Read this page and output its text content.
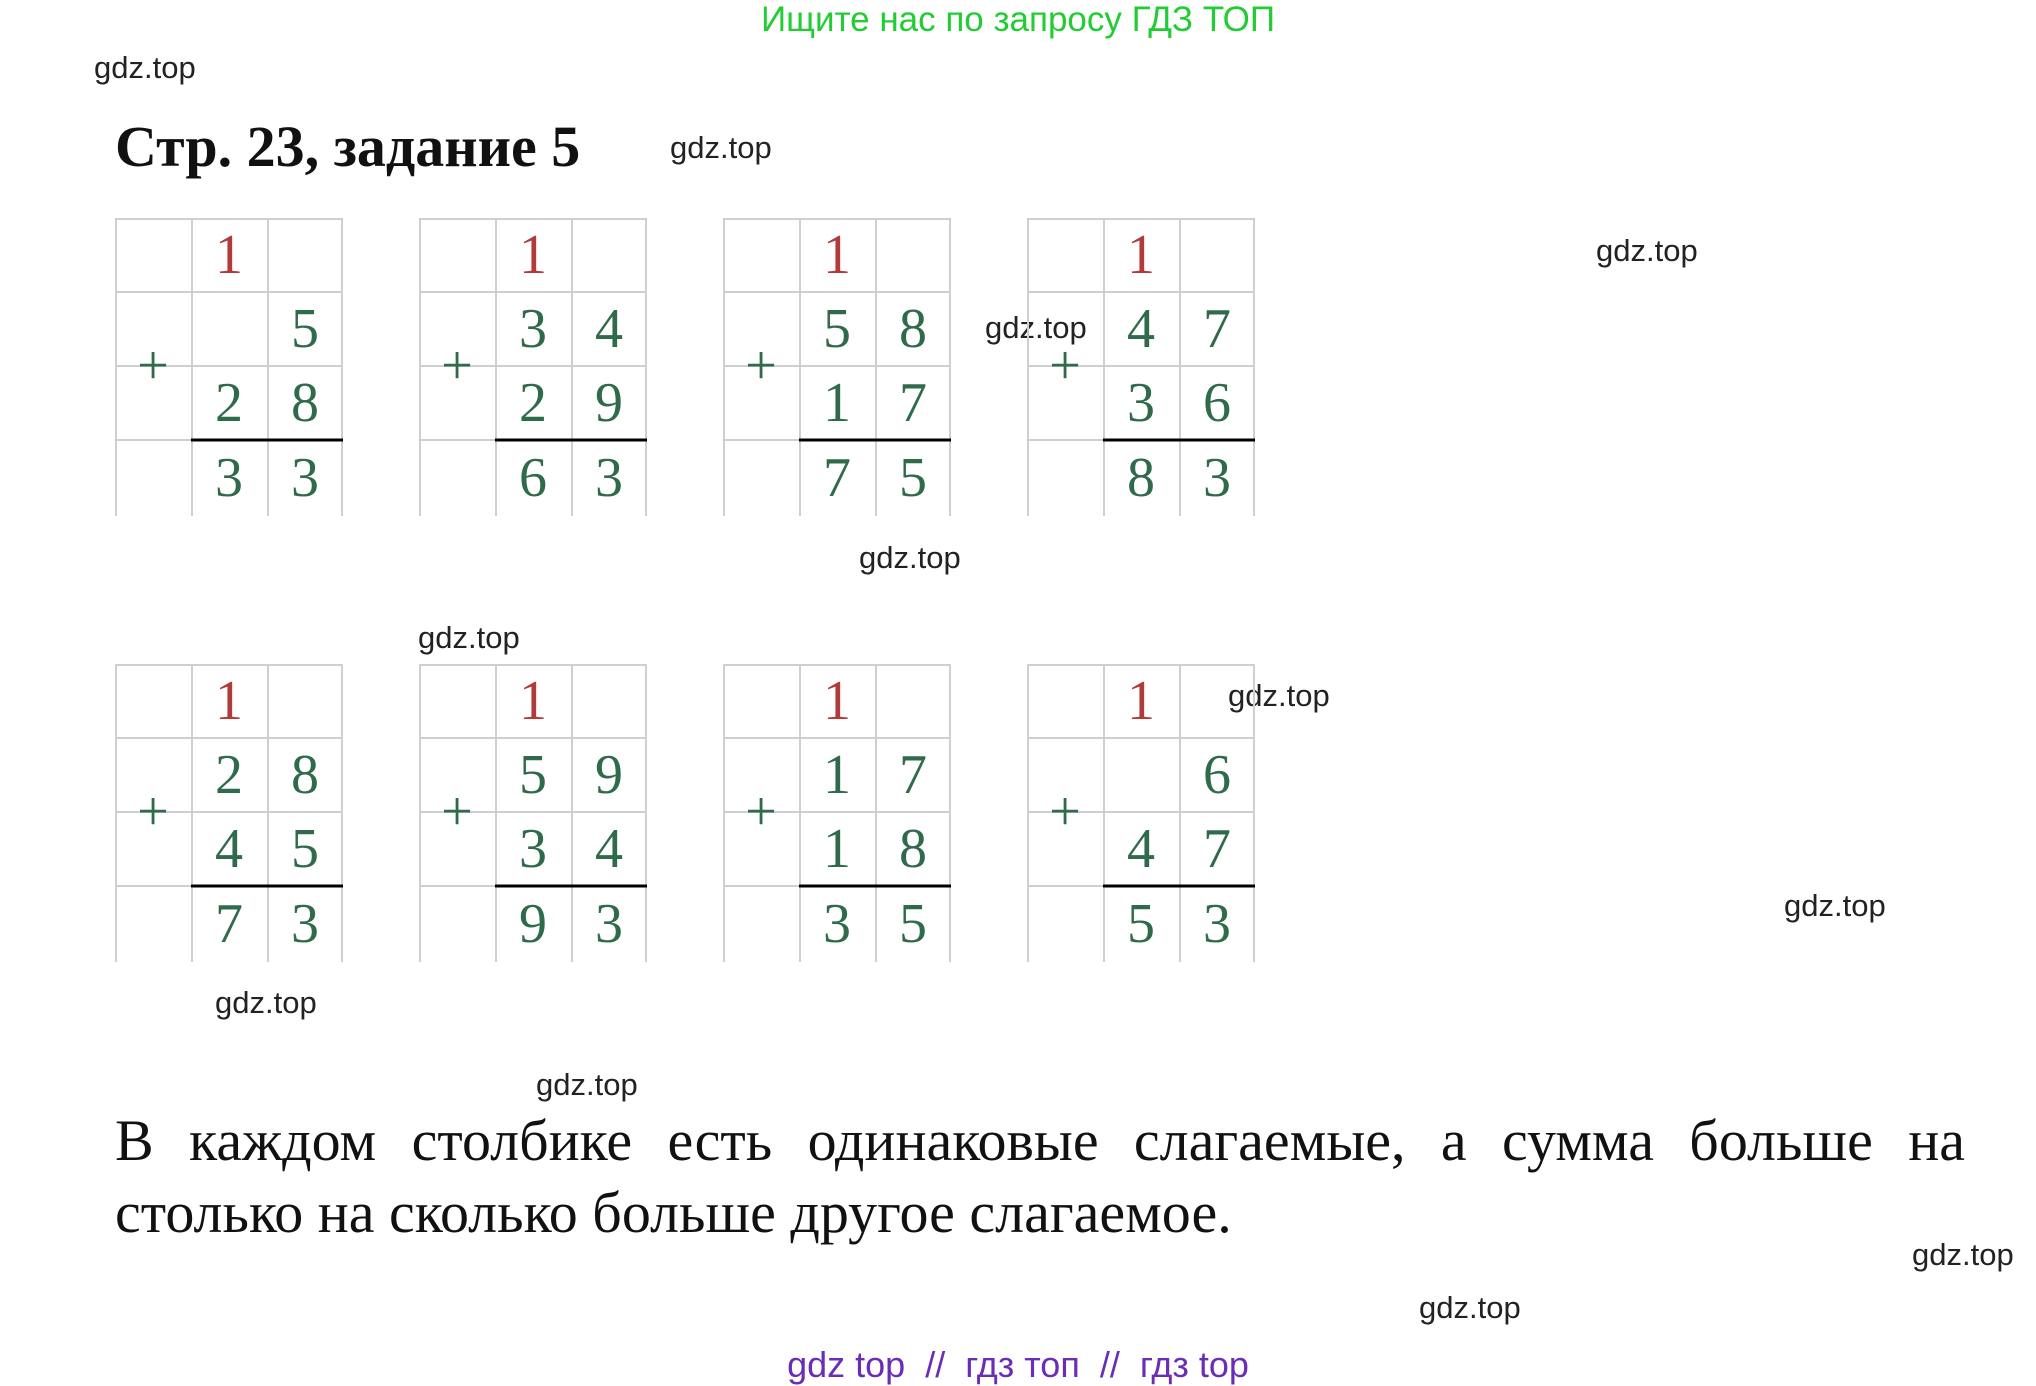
Ищите нас по запросу ГДЗ ТОП
Стр. 23, задание 5
gdz.top
gdz.top
gdz.top
gdz.top
gdz.top
gdz.top
gdz.top
gdz.top
gdz.top
gdz.top
gdz.top
gdz.top
1
5
2 8
+
3 3
1
3 4
2 9
+
6 3
1
5 8
1 7
+
7 5
1
4 7
3 6
+
8 3
1
2 8
4 5
+
7 3
1
5 9
3 4
+
9 3
1
1 7
1 8
+
3 5
1
6
4 7
+
5 3
В каждом столбике есть одинаковые слагаемые, а сумма больше на
столько на сколько больше другое слагаемое.
gdz top  //  гдз топ  //  гдз top
